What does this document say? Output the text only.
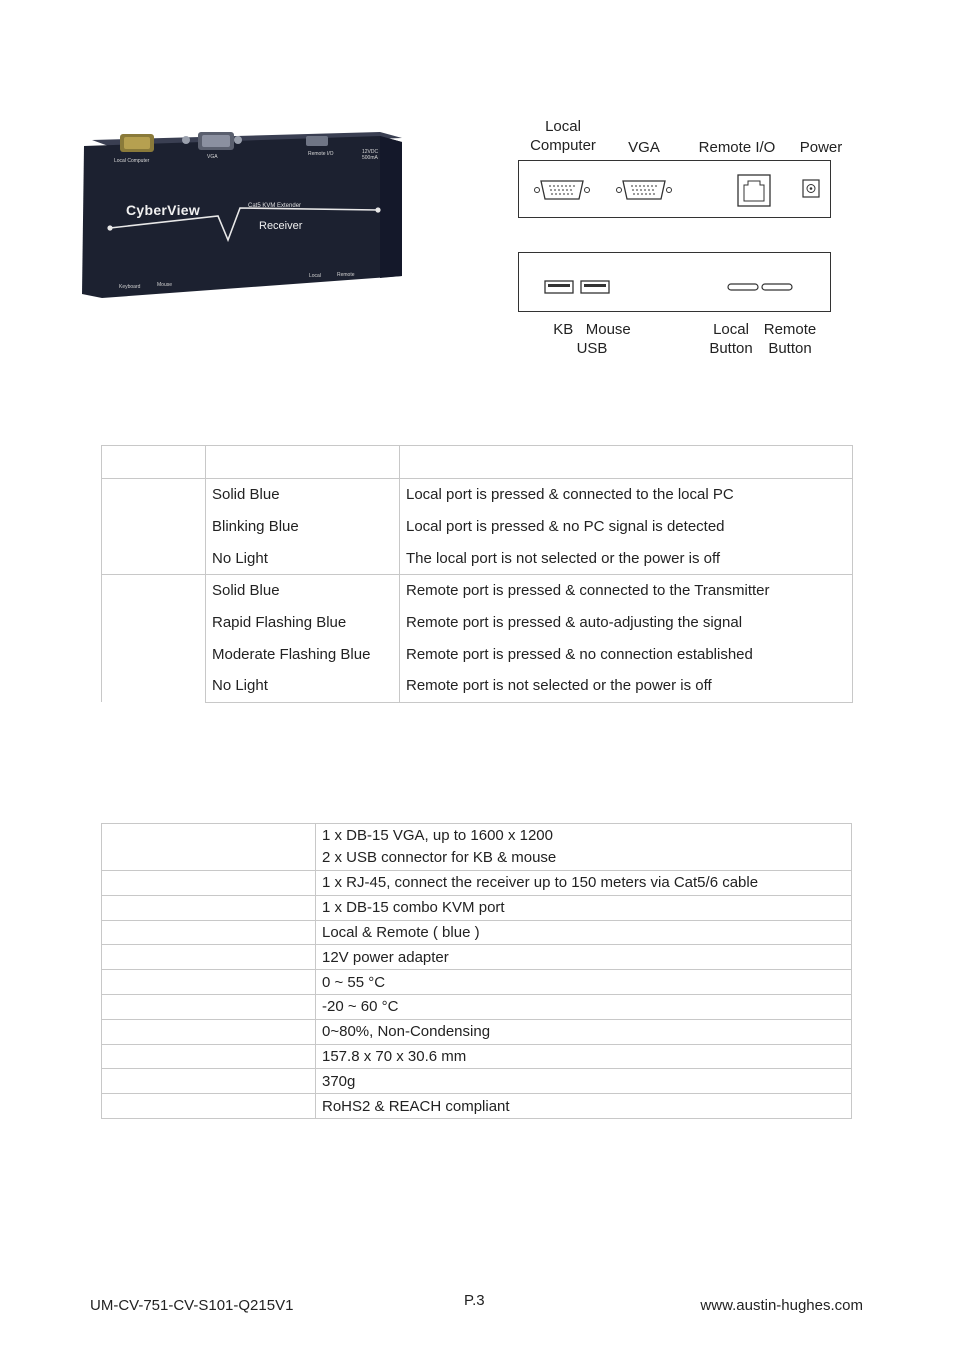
Local Computer
VGA	Remote I/O	12VDC 500mA
CyberView	Cat5 KVM Extender
Receiver
Keyboard	Mouse
Local	Remote
Local
Computer	VGA	Remote I/O	Power
KB   Mouse
USB
Local
Button
Remote
Button

	Solid Blue	Local port is pressed & connected to the local PC
	Blinking Blue	Local port is pressed & no PC signal is detected
	No Light	The local port is not selected or the power is off
	Solid Blue	Remote port is pressed & connected to the Transmitter
	Rapid Flashing Blue	Remote port is pressed & auto-adjusting the signal
	Moderate Flashing Blue	Remote port is pressed & no connection established
	No Light	Remote port is not selected or the power is off

	1 x DB-15 VGA, up to 1600 x 1200
2 x USB connector for KB & mouse

	1 x RJ-45, connect the receiver up to 150 meters via Cat5/6 cable
	1 x DB-15 combo KVM port
	Local & Remote ( blue )
	12V power adapter
	0 ~ 55 °C
	-20 ~ 60 °C
	0~80%, Non-Condensing
	157.8 x 70 x 30.6 mm
	370g
	RoHS2 & REACH compliant
UM-CV-751-CV-S101-Q215V1	P.3	www.austin-hughes.com
